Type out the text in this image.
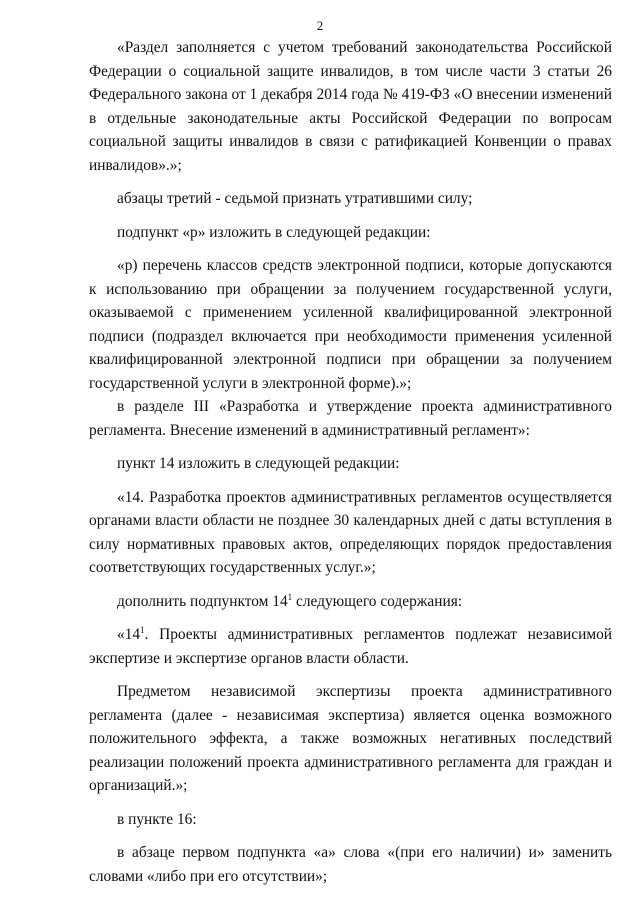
2

«Раздел заполняется с учетом требований законодательства Российской Федерации о социальной защите инвалидов, в том числе части 3 статьи 26 Федерального закона от 1 декабря 2014 года № 419-ФЗ «О внесении изменений в отдельные законодательные акты Российской Федерации по вопросам социальной защиты инвалидов в связи с ратификацией Конвенции о правах инвалидов».»;

абзацы третий - седьмой признать утратившими силу;

подпункт «р» изложить в следующей редакции:

«р) перечень классов средств электронной подписи, которые допускаются к использованию при обращении за получением государственной услуги, оказываемой с применением усиленной квалифицированной электронной подписи (подраздел включается при необходимости применения усиленной квалифицированной электронной подписи при обращении за получением государственной услуги в электронной форме).»;

в разделе III «Разработка и утверждение проекта административного регламента. Внесение изменений в административный регламент»:

пункт 14 изложить в следующей редакции:

«14. Разработка проектов административных регламентов осуществляется органами власти области не позднее 30 календарных дней с даты вступления в силу нормативных правовых актов, определяющих порядок предоставления соответствующих государственных услуг.»;

дополнить подпунктом $14^1$ следующего содержания:

«$14^1$. Проекты административных регламентов подлежат независимой экспертизе и экспертизе органов власти области.

Предметом независимой экспертизы проекта административного регламента (далее - независимая экспертиза) является оценка возможного положительного эффекта, а также возможных негативных последствий реализации положений проекта административного регламента для граждан и организаций.»;

в пункте 16:

в абзаце первом подпункта «а» слова «(при его наличии) и» заменить словами «либо при его отсутствии»;
